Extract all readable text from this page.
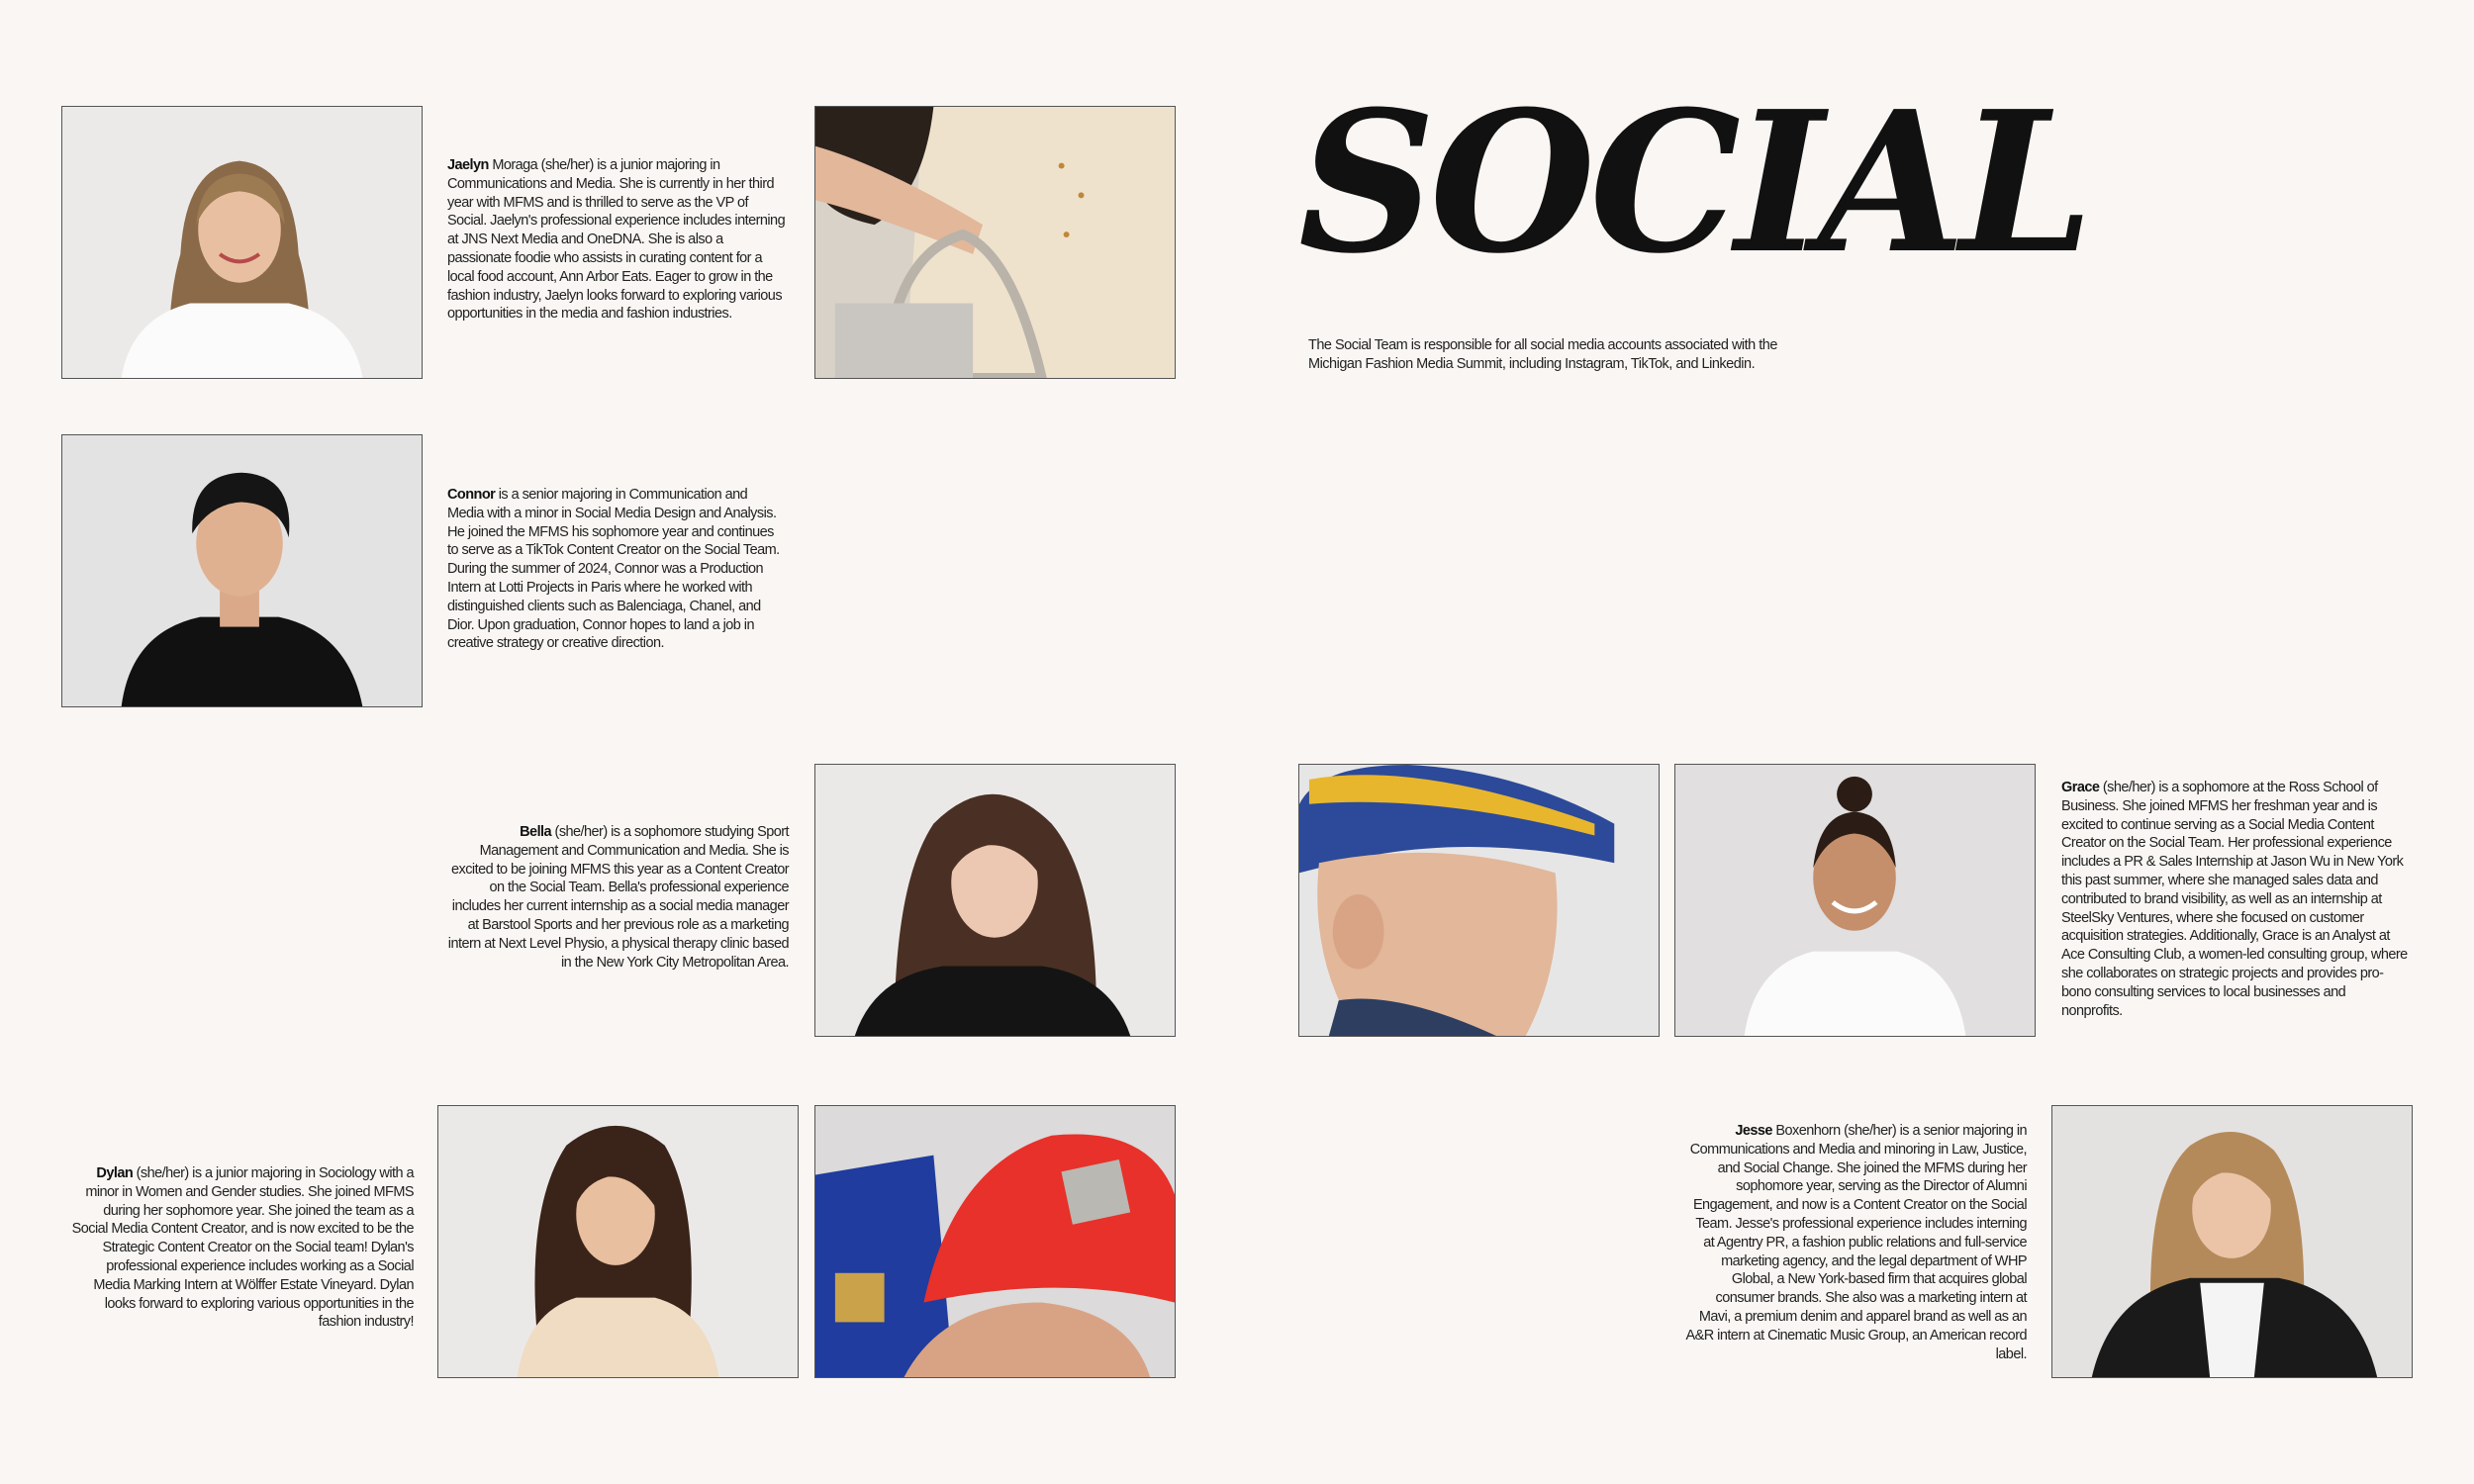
SOCIAL
The Social Team is responsible for all social media accounts associated with the Michigan Fashion Media Summit, including Instagram, TikTok, and Linkedin.
Jaelyn Moraga (she/her) is a junior majoring in Communications and Media. She is currently in her third year with MFMS and is thrilled to serve as the VP of Social. Jaelyn's professional experience includes interning at JNS Next Media and OneDNA. She is also a passionate foodie who assists in curating content for a local food account, Ann Arbor Eats. Eager to grow in the fashion industry, Jaelyn looks forward to exploring various opportunities in the media and fashion industries.
Connor is a senior majoring in Communication and Media with a minor in Social Media Design and Analysis. He joined the MFMS his sophomore year and continues to serve as a TikTok Content Creator on the Social Team. During the summer of 2024, Connor was a Production Intern at Lotti Projects in Paris where he worked with distinguished clients such as Balenciaga, Chanel, and Dior. Upon graduation, Connor hopes to land a job in creative strategy or creative direction.
Bella (she/her) is a sophomore studying Sport Management and Communication and Media. She is excited to be joining MFMS this year as a Content Creator on the Social Team. Bella's professional experience includes her current internship as a social media manager at Barstool Sports and her previous role as a marketing intern at Next Level Physio, a physical therapy clinic based in the New York City Metropolitan Area.
Grace (she/her) is a sophomore at the Ross School of Business. She joined MFMS her freshman year and is excited to continue serving as a Social Media Content Creator on the Social Team. Her professional experience includes a PR & Sales Internship at Jason Wu in New York this past summer, where she managed sales data and contributed to brand visibility, as well as an internship at SteelSky Ventures, where she focused on customer acquisition strategies. Additionally, Grace is an Analyst at Ace Consulting Club, a women-led consulting group, where she collaborates on strategic projects and provides pro-bono consulting services to local businesses and nonprofits.
Dylan (she/her) is a junior majoring in Sociology with a minor in Women and Gender studies. She joined MFMS during her sophomore year. She joined the team as a Social Media Content Creator, and is now excited to be the Strategic Content Creator on the Social team! Dylan's professional experience includes working as a Social Media Marking Intern at Wölffer Estate Vineyard. Dylan looks forward to exploring various opportunities in the fashion industry!
Jesse Boxenhorn (she/her) is a senior majoring in Communications and Media and minoring in Law, Justice, and Social Change. She joined the MFMS during her sophomore year, serving as the Director of Alumni Engagement, and now is a Content Creator on the Social Team. Jesse's professional experience includes interning at Agentry PR, a fashion public relations and full-service marketing agency, and the legal department of WHP Global, a New York-based firm that acquires global consumer brands. She also was a marketing intern at Mavi, a premium denim and apparel brand as well as an A&R intern at Cinematic Music Group, an American record label.
